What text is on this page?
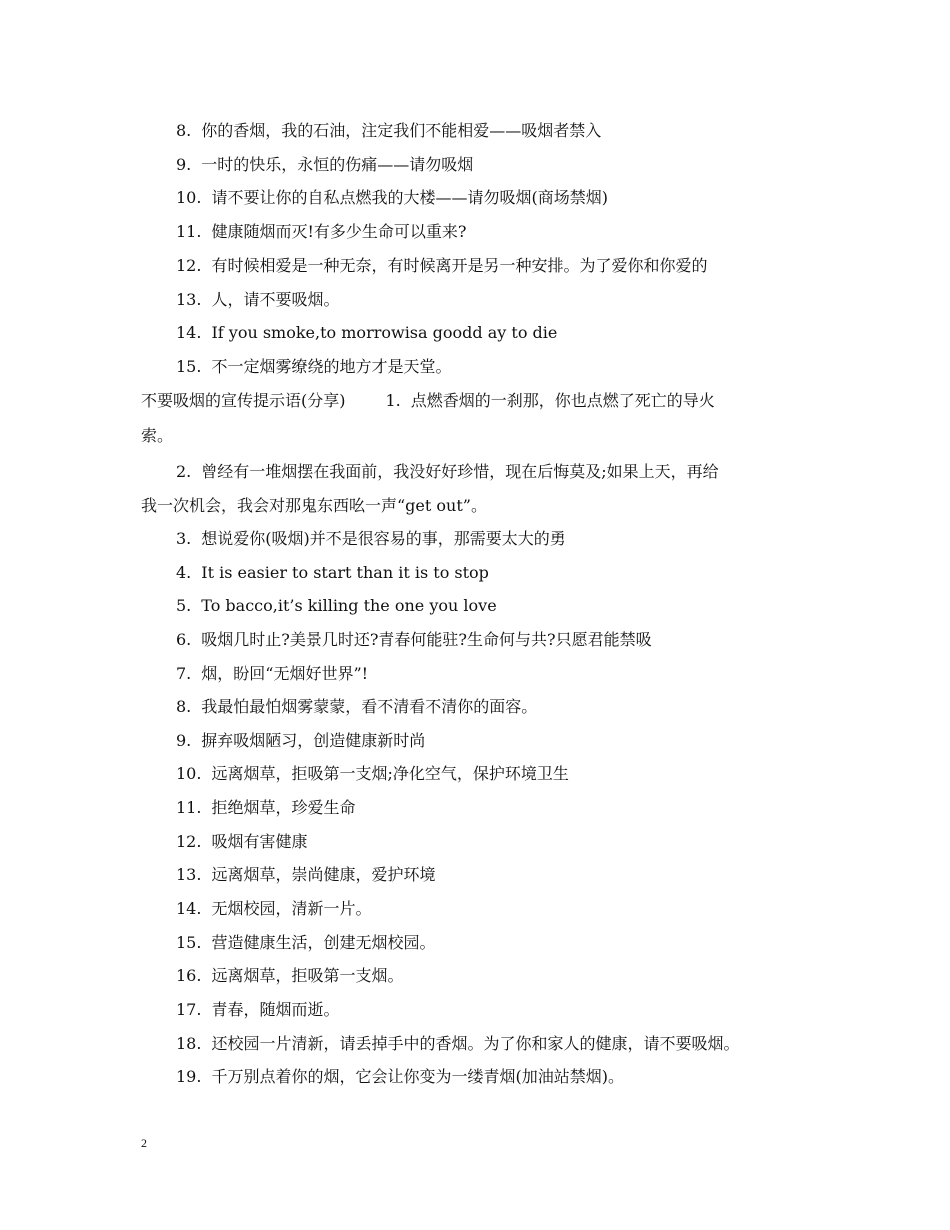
8. 你的香烟，我的石油，注定我们不能相爱——吸烟者禁入
9. 一时的快乐，永恒的伤痛——请勿吸烟
10. 请不要让你的自私点燃我的大楼——请勿吸烟(商场禁烟)
11. 健康随烟而灭!有多少生命可以重来?
12. 有时候相爱是一种无奈，有时候离开是另一种安排。为了爱你和你爱的
13. 人，请不要吸烟。
14. If you smoke,to morrowisa goodd ay to die
15. 不一定烟雾缭绕的地方才是天堂。
不要吸烟的宣传提示语(分享)	1. 点燃香烟的一刹那，你也点燃了死亡的导火
索。
2. 曾经有一堆烟摆在我面前，我没好好珍惜，现在后悔莫及;如果上天，再给
我一次机会，我会对那鬼东西吆一声“get out”。
3. 想说爱你(吸烟)并不是很容易的事，那需要太大的勇
4. It is easier to start than it is to stop
5. To bacco,it’s killing the one you love
6. 吸烟几时止?美景几时还?青春何能驻?生命何与共?只愿君能禁吸
7. 烟，盼回“无烟好世界”!
8. 我最怕最怕烟雾蒙蒙，看不清看不清你的面容。
9. 摒弃吸烟陋习，创造健康新时尚
10. 远离烟草，拒吸第一支烟;净化空气，保护环境卫生
11. 拒绝烟草，珍爱生命
12. 吸烟有害健康
13. 远离烟草，崇尚健康，爱护环境
14. 无烟校园，清新一片。
15. 营造健康生活，创建无烟校园。
16. 远离烟草，拒吸第一支烟。
17. 青春，随烟而逝。
18. 还校园一片清新，请丢掉手中的香烟。为了你和家人的健康，请不要吸烟。
19. 千万别点着你的烟，它会让你变为一缕青烟(加油站禁烟)。
2
